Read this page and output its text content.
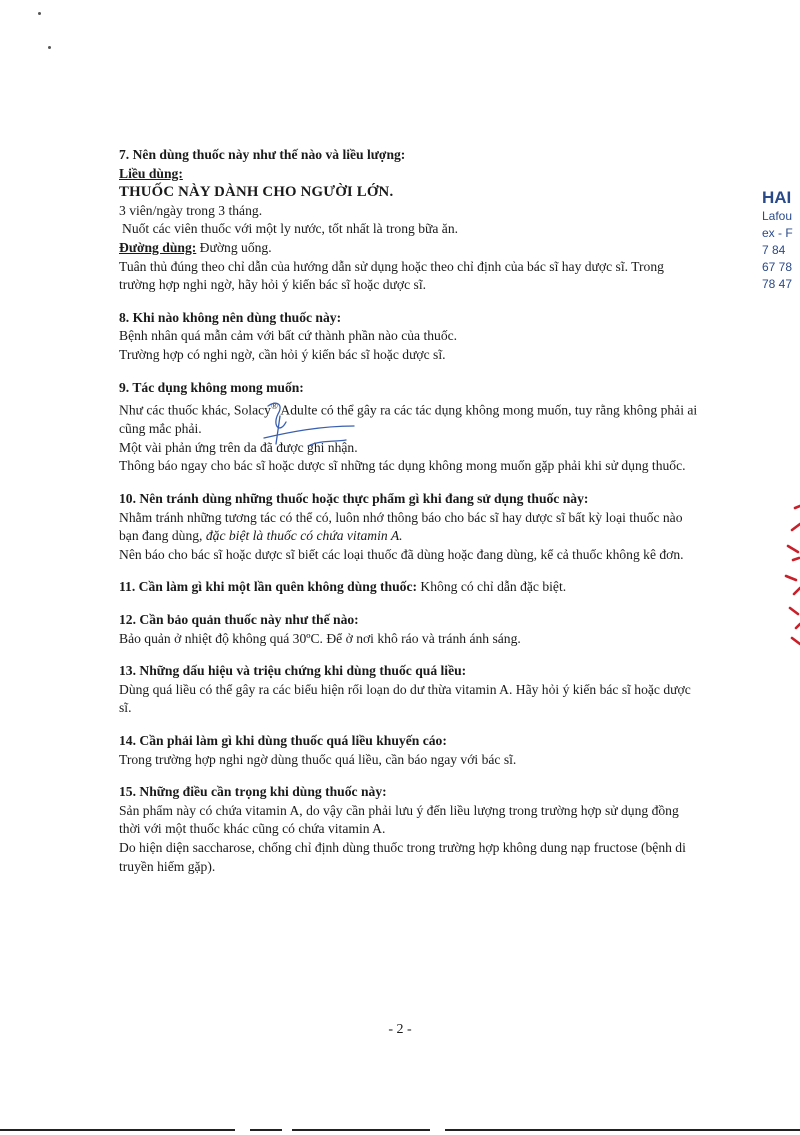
7. Nên dùng thuốc này như thế nào và liều lượng:

Liều dùng:

THUỐC NÀY DÀNH CHO NGƯỜI LỚN.

3 viên/ngày trong 3 tháng.

Nuốt các viên thuốc với một ly nước, tốt nhất là trong bữa ăn.

Đường dùng: Đường uống.

Tuân thủ đúng theo chỉ dẫn của hướng dẫn sử dụng hoặc theo chỉ định của bác sĩ hay dược sĩ. Trong trường hợp nghi ngờ, hãy hỏi ý kiến bác sĩ hoặc dược sĩ.

8. Khi nào không nên dùng thuốc này:

Bệnh nhân quá mẫn cảm với bất cứ thành phần nào của thuốc.

Trường hợp có nghi ngờ, cần hỏi ý kiến bác sĩ hoặc dược sĩ.

9. Tác dụng không mong muốn:

Như các thuốc khác, Solacy® Adulte có thể gây ra các tác dụng không mong muốn, tuy rằng không phải ai cũng mắc phải.

Một vài phản ứng trên da đã được ghi nhận.

Thông báo ngay cho bác sĩ hoặc dược sĩ những tác dụng không mong muốn gặp phải khi sử dụng thuốc.

10. Nên tránh dùng những thuốc hoặc thực phẩm gì khi đang sử dụng thuốc này:

Nhằm tránh những tương tác có thể có, luôn nhớ thông báo cho bác sĩ hay dược sĩ bất kỳ loại thuốc nào bạn đang dùng, đặc biệt là thuốc có chứa vitamin A.

Nên báo cho bác sĩ hoặc dược sĩ biết các loại thuốc đã dùng hoặc đang dùng, kể cả thuốc không kê đơn.

11. Cần làm gì khi một lần quên không dùng thuốc: Không có chỉ dẫn đặc biệt.

12. Cần bảo quản thuốc này như thế nào:

Bảo quản ở nhiệt độ không quá 30ºC. Để ở nơi khô ráo và tránh ánh sáng.

13. Những dấu hiệu và triệu chứng khi dùng thuốc quá liều:

Dùng quá liều có thể gây ra các biểu hiện rối loạn do dư thừa vitamin A. Hãy hỏi ý kiến bác sĩ hoặc dược sĩ.

14. Cần phải làm gì khi dùng thuốc quá liều khuyến cáo:

Trong trường hợp nghi ngờ dùng thuốc quá liều, cần báo ngay với bác sĩ.

15. Những điều cần trọng khi dùng thuốc này:

Sản phẩm này có chứa vitamin A, do vậy cần phải lưu ý đến liều lượng trong trường hợp sử dụng đồng thời với một thuốc khác cũng có chứa vitamin A.

Do hiện diện saccharose, chống chỉ định dùng thuốc trong trường hợp không dung nạp fructose (bệnh di truyền hiếm gặp).

HAI
Lafou
ex - F
7 84
67 78
78 47
- 2 -
